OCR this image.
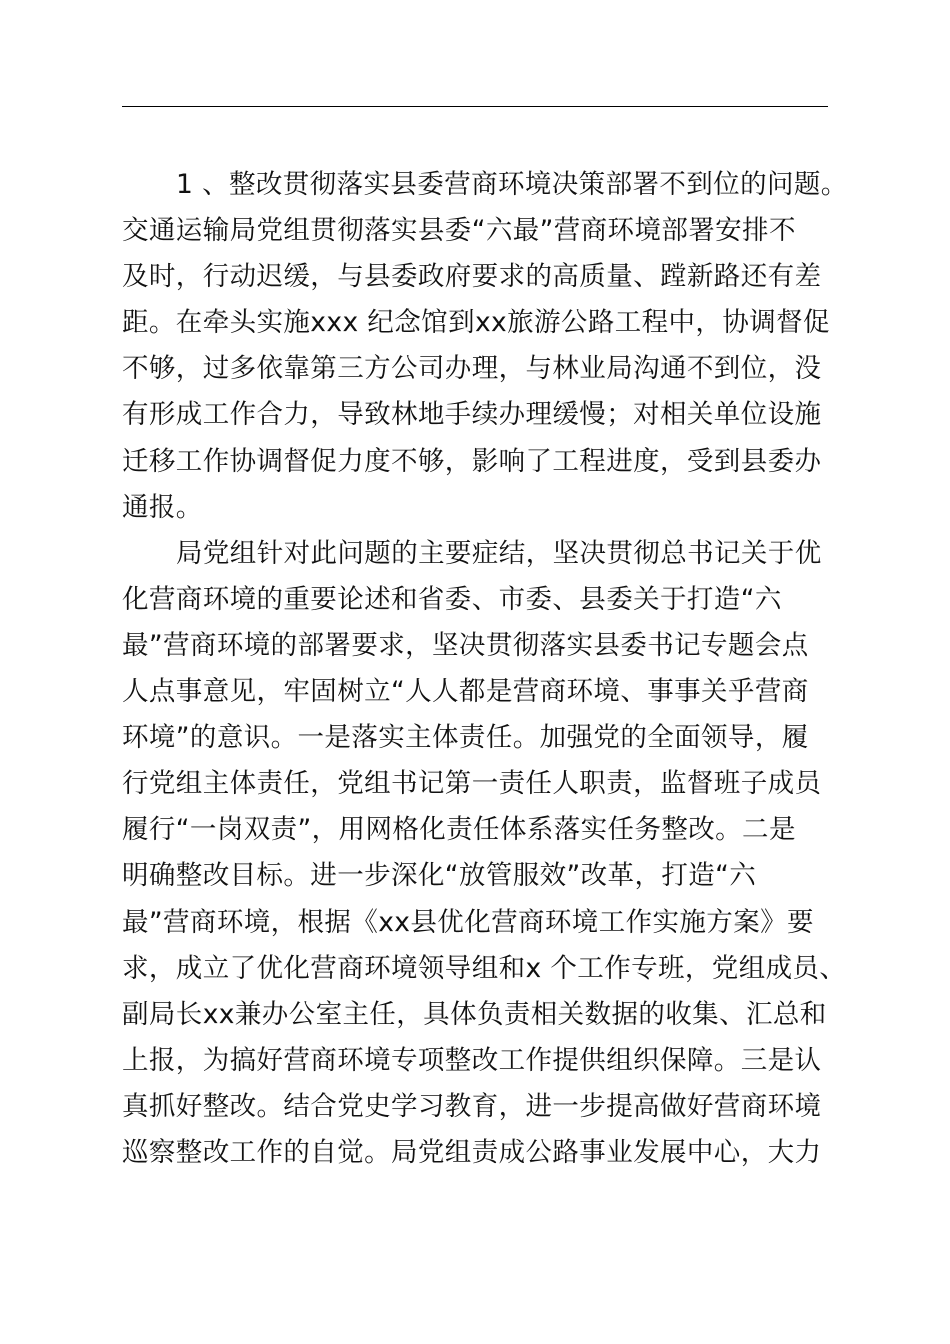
1 、整改贯彻落实县委营商环境决策部署不到位的问题。
交通运输局党组贯彻落实县委“六最”营商环境部署安排不
及时，行动迟缓，与县委政府要求的高质量、蹚新路还有差
距。在牵头实施xxx 纪念馆到xx旅游公路工程中，协调督促
不够，过多依靠第三方公司办理，与林业局沟通不到位，没
有形成工作合力，导致林地手续办理缓慢；对相关单位设施
迁移工作协调督促力度不够，影响了工程进度，受到县委办
通报。
局党组针对此问题的主要症结，坚决贯彻总书记关于优
化营商环境的重要论述和省委、市委、县委关于打造“六
最”营商环境的部署要求，坚决贯彻落实县委书记专题会点
人点事意见，牢固树立“人人都是营商环境、事事关乎营商
环境”的意识。一是落实主体责任。加强党的全面领导，履
行党组主体责任，党组书记第一责任人职责，监督班子成员
履行“一岗双责”，用网格化责任体系落实任务整改。二是
明确整改目标。进一步深化“放管服效”改革，打造“六
最”营商环境，根据《xx县优化营商环境工作实施方案》要
求，成立了优化营商环境领导组和x 个工作专班，党组成员、
副局长xx兼办公室主任，具体负责相关数据的收集、汇总和
上报，为搞好营商环境专项整改工作提供组织保障。三是认
真抓好整改。结合党史学习教育，进一步提高做好营商环境
巡察整改工作的自觉。局党组责成公路事业发展中心，大力
